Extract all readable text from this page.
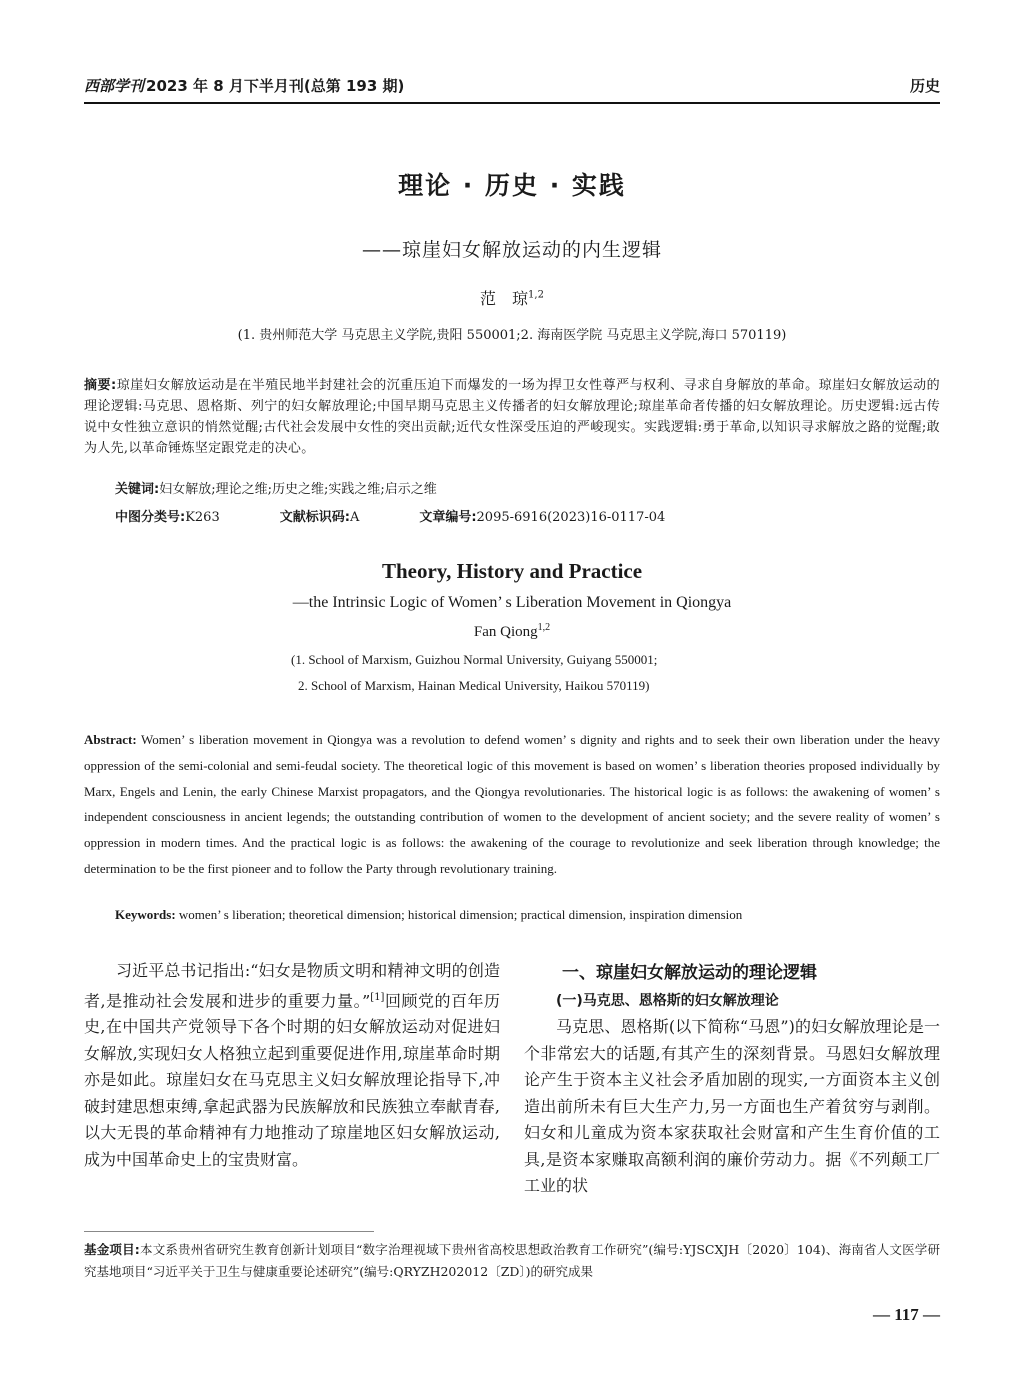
西部学刊 2023 年 8 月下半月刊(总第 193 期)	历史
理论 · 历史 · 实践
——琼崖妇女解放运动的内生逻辑
范　琼$^{1,2}$
(1. 贵州师范大学 马克思主义学院,贵阳 550001;2. 海南医学院 马克思主义学院,海口 570119)
摘要:琼崖妇女解放运动是在半殖民地半封建社会的沉重压迫下而爆发的一场为捍卫女性尊严与权利、寻求自身解放的革命。琼崖妇女解放运动的理论逻辑:马克思、恩格斯、列宁的妇女解放理论;中国早期马克思主义传播者的妇女解放理论;琼崖革命者传播的妇女解放理论。历史逻辑:远古传说中女性独立意识的悄然觉醒;古代社会发展中女性的突出贡献;近代女性深受压迫的严峻现实。实践逻辑:勇于革命,以知识寻求解放之路的觉醒;敢为人先,以革命锤炼坚定跟党走的决心。
关键词:妇女解放;理论之维;历史之维;实践之维;启示之维
中图分类号:K263	文献标识码:A	文章编号:2095-6916(2023)16-0117-04
Theory, History and Practice
—the Intrinsic Logic of Women’ s Liberation Movement in Qiongya
Fan Qiong$^{1,2}$
(1. School of Marxism, Guizhou Normal University, Guiyang 550001;
2. School of Marxism, Hainan Medical University, Haikou 570119)
Abstract: Women’ s liberation movement in Qiongya was a revolution to defend women’ s dignity and rights and to seek their own liberation under the heavy oppression of the semi-colonial and semi-feudal society. The theoretical logic of this movement is based on women’ s liberation theories proposed individually by Marx, Engels and Lenin, the early Chinese Marxist propagators, and the Qiongya revolutionaries. The historical logic is as follows: the awakening of women’ s independent consciousness in ancient legends; the outstanding contribution of women to the development of ancient society; and the severe reality of women’ s oppression in modern times. And the practical logic is as follows: the awakening of the courage to revolutionize and seek liberation through knowledge; the determination to be the first pioneer and to follow the Party through revolutionary training.
Keywords: women’ s liberation; theoretical dimension; historical dimension; practical dimension, inspiration dimension

习近平总书记指出:“妇女是物质文明和精神文明的创造者,是推动社会发展和进步的重要力量。”[1]回顾党的百年历史,在中国共产党领导下各个时期的妇女解放运动对促进妇女解放,实现妇女人格独立起到重要促进作用,琼崖革命时期亦是如此。琼崖妇女在马克思主义妇女解放理论指导下,冲破封建思想束缚,拿起武器为民族解放和民族独立奉献青春,以大无畏的革命精神有力地推动了琼崖地区妇女解放运动,成为中国革命史上的宝贵财富。

一、琼崖妇女解放运动的理论逻辑
(一)马克思、恩格斯的妇女解放理论

马克思、恩格斯(以下简称“马恩”)的妇女解放理论是一个非常宏大的话题,有其产生的深刻背景。马恩妇女解放理论产生于资本主义社会矛盾加剧的现实,一方面资本主义创造出前所未有巨大生产力,另一方面也生产着贫穷与剥削。妇女和儿童成为资本家获取社会财富和产生生育价值的工具,是资本家赚取高额利润的廉价劳动力。据《不列颠工厂工业的状

基金项目:本文系贵州省研究生教育创新计划项目“数字治理视域下贵州省高校思想政治教育工作研究”(编号:YJSCXJH〔2020〕104)、海南省人文医学研究基地项目“习近平关于卫生与健康重要论述研究”(编号:QRYZH202012〔ZD〕)的研究成果
— 117 —
